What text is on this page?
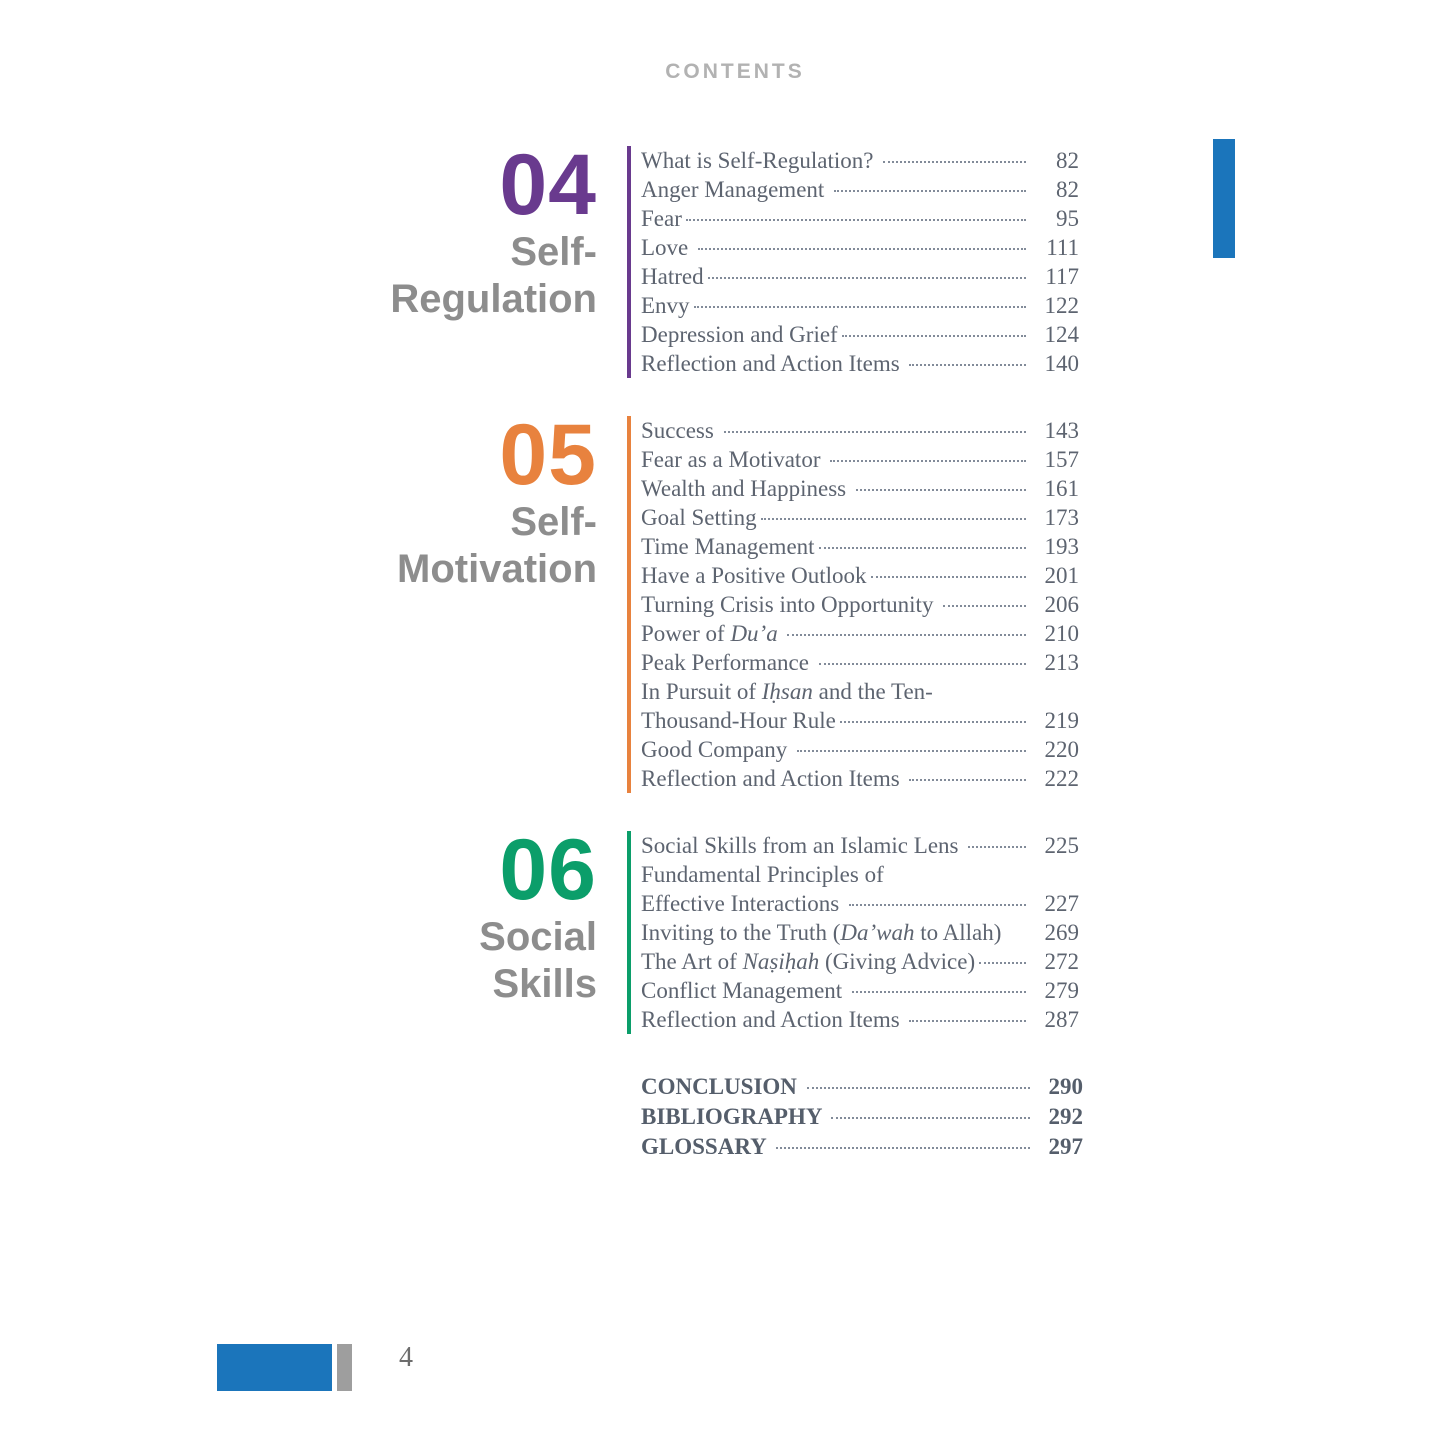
CONTENTS
04
Self-
Regulation
What is Self-Regulation?	82
Anger Management	82
Fear	95
Love	111
Hatred	117
Envy	122
Depression and Grief	124
Reflection and Action Items	140
05
Self-
Motivation
Success	143
Fear as a Motivator	157
Wealth and Happiness	161
Goal Setting	173
Time Management	193
Have a Positive Outlook	201
Turning Crisis into Opportunity	206
Power of Du’a	210
Peak Performance	213
In Pursuit of Iḥsan and the Ten-
Thousand-Hour Rule	219
Good Company	220
Reflection and Action Items	222
06
Social
Skills
Social Skills from an Islamic Lens	225
Fundamental Principles of
Effective Interactions	227
Inviting to the Truth (Da’wah to Allah)	269
The Art of Naṣiḥah (Giving Advice)	272
Conflict Management	279
Reflection and Action Items	287
CONCLUSION	290
BIBLIOGRAPHY	292
GLOSSARY	297
4
